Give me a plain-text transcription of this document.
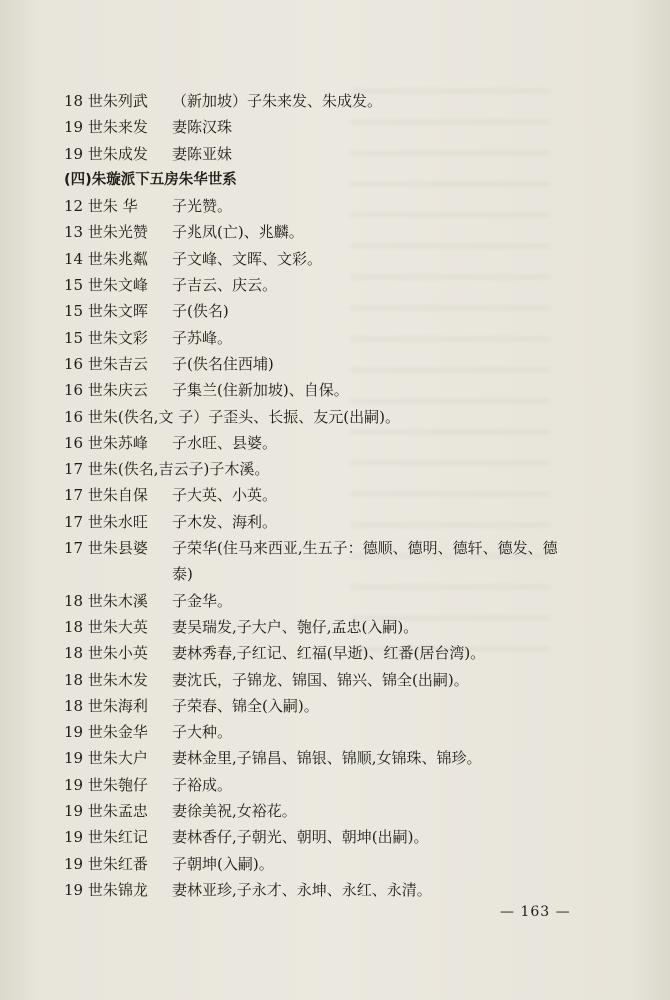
18 世朱列武 （新加坡）子朱来发、朱成发。
19 世朱来发 妻陈汉珠
19 世朱成发 妻陈亚妹
(四)朱璇派下五房朱华世系
12 世朱 华 子光赞。
13 世朱光赞 子兆凤(亡)、兆麟。
14 世朱兆粼 子文峰、文晖、文彩。
15 世朱文峰 子吉云、庆云。
15 世朱文晖 子(佚名)
15 世朱文彩 子苏峰。
16 世朱吉云 子(佚名住西埔)
16 世朱庆云 子集兰(住新加坡)、自保。
16 世朱(佚名,文 子）子歪头、长振、友元(出嗣)。
16 世朱苏峰 子水旺、县婆。
17 世朱(佚名,吉云子)子木溪。
17 世朱自保 子大英、小英。
17 世朱水旺 子木发、海利。
17 世朱县婆 子荣华(住马来西亚,生五子：德顺、德明、德轩、德发、德
泰)
18 世朱木溪 子金华。
18 世朱大英 妻吴瑞发,子大户、匏仔,孟忠(入嗣)。
18 世朱小英 妻林秀春,子红记、红福(早逝)、红番(居台湾)。
18 世朱木发 妻沈氏，子锦龙、锦国、锦兴、锦全(出嗣)。
18 世朱海利 子荣春、锦全(入嗣)。
19 世朱金华 子大种。
19 世朱大户 妻林金里,子锦昌、锦银、锦顺,女锦珠、锦珍。
19 世朱匏仔 子裕成。
19 世朱孟忠 妻徐美祝,女裕花。
19 世朱红记 妻林香仔,子朝光、朝明、朝坤(出嗣)。
19 世朱红番 子朝坤(入嗣)。
19 世朱锦龙 妻林亚珍,子永才、永坤、永红、永清。
— 163 —
